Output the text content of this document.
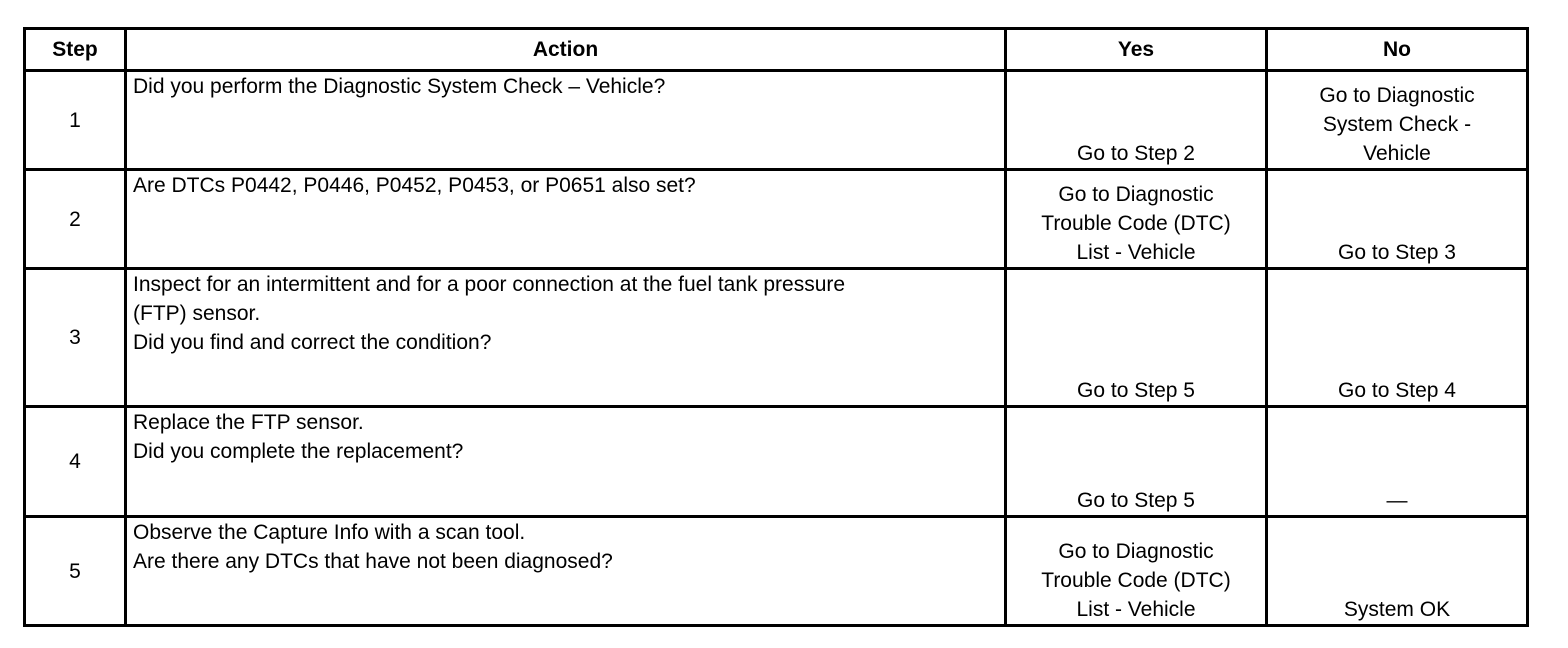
Step	Action	Yes	No
1	Did you perform the Diagnostic System Check – Vehicle?	Go to Step 2	Go to Diagnostic
System Check -
Vehicle

2	Are DTCs P0442, P0446, P0452, P0453, or P0651 also set?	Go to Diagnostic
Trouble Code (DTC)
List - Vehicle	Go to Step 3

3	Inspect for an intermittent and for a poor connection at the fuel tank pressure
(FTP) sensor.
Did you find and correct the condition?	Go to Step 5	Go to Step 4

4	Replace the FTP sensor.
Did you complete the replacement?	Go to Step 5	—

5	Observe the Capture Info with a scan tool.
Are there any DTCs that have not been diagnosed?	Go to Diagnostic
Trouble Code (DTC)
List - Vehicle	System OK
